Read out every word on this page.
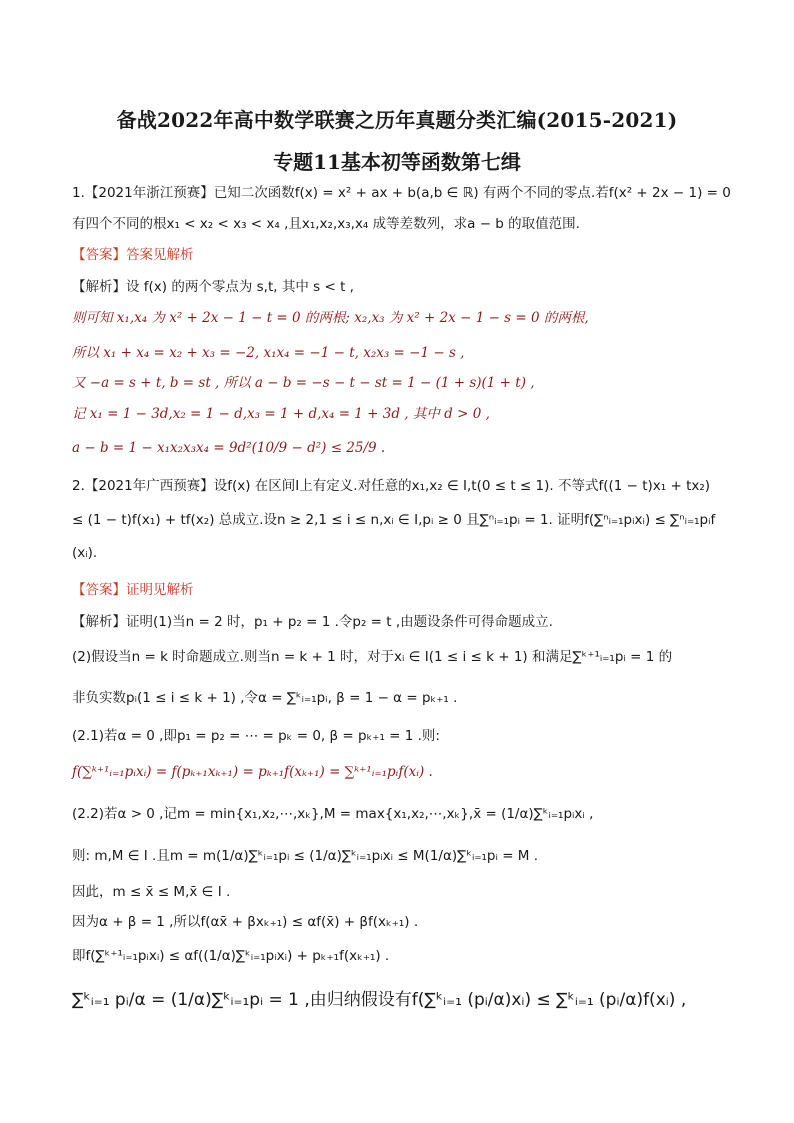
备战2022年高中数学联赛之历年真题分类汇编(2015-2021)
专题11基本初等函数第七缉
1.【2021年浙江预赛】已知二次函数f(x) = x² + ax + b(a,b ∈ ℝ) 有两个不同的零点.若f(x² + 2x − 1) = 0
有四个不同的根x₁ < x₂ < x₃ < x₄ ,且x₁,x₂,x₃,x₄ 成等差数列，求a − b 的取值范围.
【答案】答案见解析
【解析】设 f(x) 的两个零点为 s,t, 其中 s < t ,
则可知 x₁,x₄ 为 x² + 2x − 1 − t = 0 的两根; x₂,x₃ 为 x² + 2x − 1 − s = 0 的两根,
所以 x₁ + x₄ = x₂ + x₃ = −2, x₁x₄ = −1 − t, x₂x₃ = −1 − s ,
又 −a = s + t, b = st , 所以 a − b = −s − t − st = 1 − (1 + s)(1 + t) ,
记 x₁ = 1 − 3d,x₂ = 1 − d,x₃ = 1 + d,x₄ = 1 + 3d , 其中 d > 0 ,
a − b = 1 − x₁x₂x₃x₄ = 9d²(10/9 − d²) ≤ 25/9 .
2.【2021年广西预赛】设f(x) 在区间I上有定义.对任意的x₁,x₂ ∈ I,t(0 ≤ t ≤ 1). 不等式f((1 − t)x₁ + tx₂)
≤ (1 − t)f(x₁) + tf(x₂) 总成立.设n ≥ 2,1 ≤ i ≤ n,xᵢ ∈ I,pᵢ ≥ 0 且∑ⁿᵢ₌₁pᵢ = 1. 证明f(∑ⁿᵢ₌₁pᵢxᵢ) ≤ ∑ⁿᵢ₌₁pᵢf
(xᵢ).
【答案】证明见解析
【解析】证明(1)当n = 2 时，p₁ + p₂ = 1 .令p₂ = t ,由题设条件可得命题成立.
(2)假设当n = k 时命题成立.则当n = k + 1 时，对于xᵢ ∈ I(1 ≤ i ≤ k + 1) 和满足∑ᵏ⁺¹ᵢ₌₁pᵢ = 1 的
非负实数pᵢ(1 ≤ i ≤ k + 1) ,令α = ∑ᵏᵢ₌₁pᵢ, β = 1 − α = pₖ₊₁ .
(2.1)若α = 0 ,即p₁ = p₂ = ⋯ = pₖ = 0, β = pₖ₊₁ = 1 .则:
f(∑ᵏ⁺¹ᵢ₌₁pᵢxᵢ) = f(pₖ₊₁xₖ₊₁) = pₖ₊₁f(xₖ₊₁) = ∑ᵏ⁺¹ᵢ₌₁pᵢf(xᵢ) .
(2.2)若α > 0 ,记m = min{x₁,x₂,⋯,xₖ},M = max{x₁,x₂,⋯,xₖ},x̄ = (1/α)∑ᵏᵢ₌₁pᵢxᵢ ,
则: m,M ∈ I .且m = m(1/α)∑ᵏᵢ₌₁pᵢ ≤ (1/α)∑ᵏᵢ₌₁pᵢxᵢ ≤ M(1/α)∑ᵏᵢ₌₁pᵢ = M .
因此，m ≤ x̄ ≤ M,x̄ ∈ I .
因为α + β = 1 ,所以f(αx̄ + βxₖ₊₁) ≤ αf(x̄) + βf(xₖ₊₁) .
即f(∑ᵏ⁺¹ᵢ₌₁pᵢxᵢ) ≤ αf((1/α)∑ᵏᵢ₌₁pᵢxᵢ) + pₖ₊₁f(xₖ₊₁) .
∑ᵏᵢ₌₁ pᵢ/α = (1/α)∑ᵏᵢ₌₁pᵢ = 1 ,由归纳假设有f(∑ᵏᵢ₌₁ (pᵢ/α)xᵢ) ≤ ∑ᵏᵢ₌₁ (pᵢ/α)f(xᵢ) ,
